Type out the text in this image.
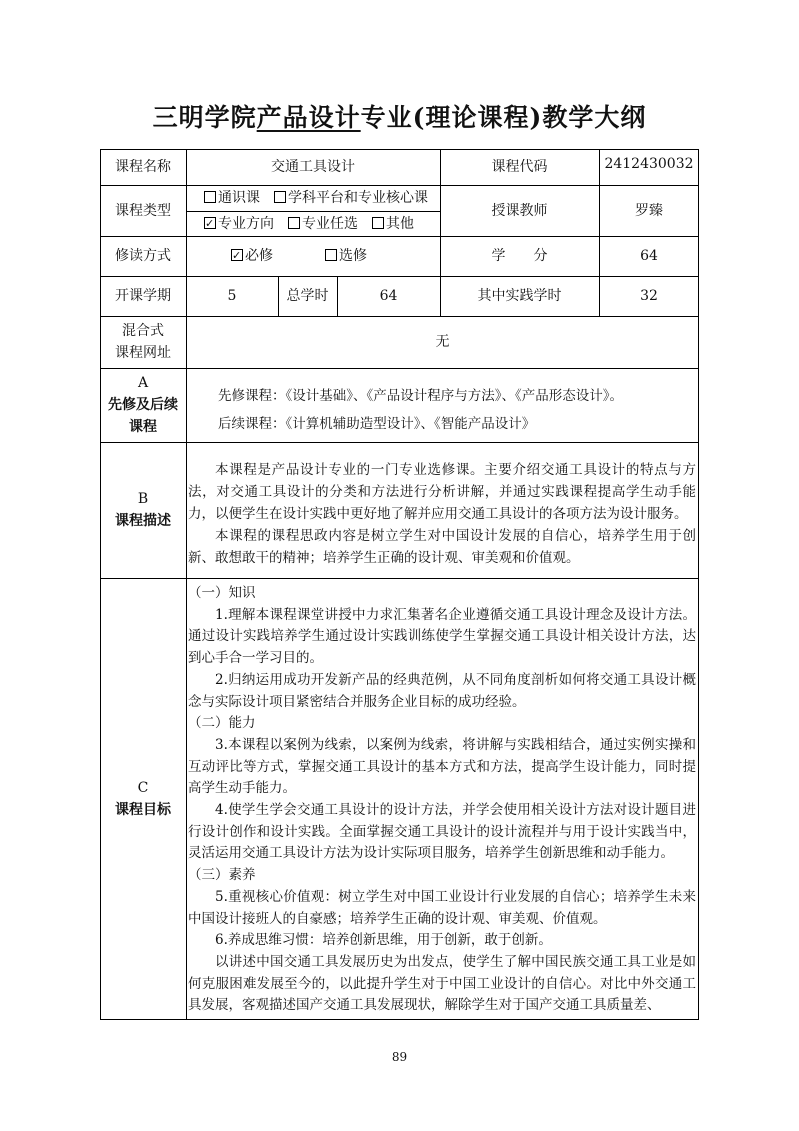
三明学院产品设计专业(理论课程)教学大纲
课程名称	交通工具设计	课程代码	2412430032
课程类型
通识课	学科平台和专业核心课
✓专业方向	专业任选	其他
授课教师	罗臻
修读方式
✓	必修	选修	学　　分	64
开课学期	5	总学时	64	其中实践学时	32
混合式
课程网址
无
A
先修及后续
课程

先修课程：《设计基础》、《产品设计程序与方法》、《产品形态设计》。

后续课程：《计算机辅助造型设计》、《智能产品设计》

B
课程描述

本课程是产品设计专业的一门专业选修课。主要介绍交通工具设计的特点与方法，对交通工具设计的分类和方法进行分析讲解，并通过实践课程提高学生动手能力，以便学生在设计实践中更好地了解并应用交通工具设计的各项方法为设计服务。

本课程的课程思政内容是树立学生对中国设计发展的自信心，培养学生用于创新、敢想敢干的精神；培养学生正确的设计观、审美观和价值观。

C
课程目标

（一）知识

1.理解本课程课堂讲授中力求汇集著名企业遵循交通工具设计理念及设计方法。通过设计实践培养学生通过设计实践训练使学生掌握交通工具设计相关设计方法，达到心手合一学习目的。

2.归纳运用成功开发新产品的经典范例，从不同角度剖析如何将交通工具设计概念与实际设计项目紧密结合并服务企业目标的成功经验。

（二）能力

3.本课程以案例为线索，以案例为线索，将讲解与实践相结合，通过实例实操和互动评比等方式，掌握交通工具设计的基本方式和方法，提高学生设计能力，同时提高学生动手能力。

4.使学生学会交通工具设计的设计方法，并学会使用相关设计方法对设计题目进行设计创作和设计实践。全面掌握交通工具设计的设计流程并与用于设计实践当中，灵活运用交通工具设计方法为设计实际项目服务，培养学生创新思维和动手能力。

（三）素养

5.重视核心价值观：树立学生对中国工业设计行业发展的自信心；培养学生未来中国设计接班人的自豪感；培养学生正确的设计观、审美观、价值观。

6.养成思维习惯：培养创新思维，用于创新，敢于创新。

以讲述中国交通工具发展历史为出发点，使学生了解中国民族交通工具工业是如何克服困难发展至今的，以此提升学生对于中国工业设计的自信心。对比中外交通工具发展，客观描述国产交通工具发展现状，解除学生对于国产交通工具质量差、

89
